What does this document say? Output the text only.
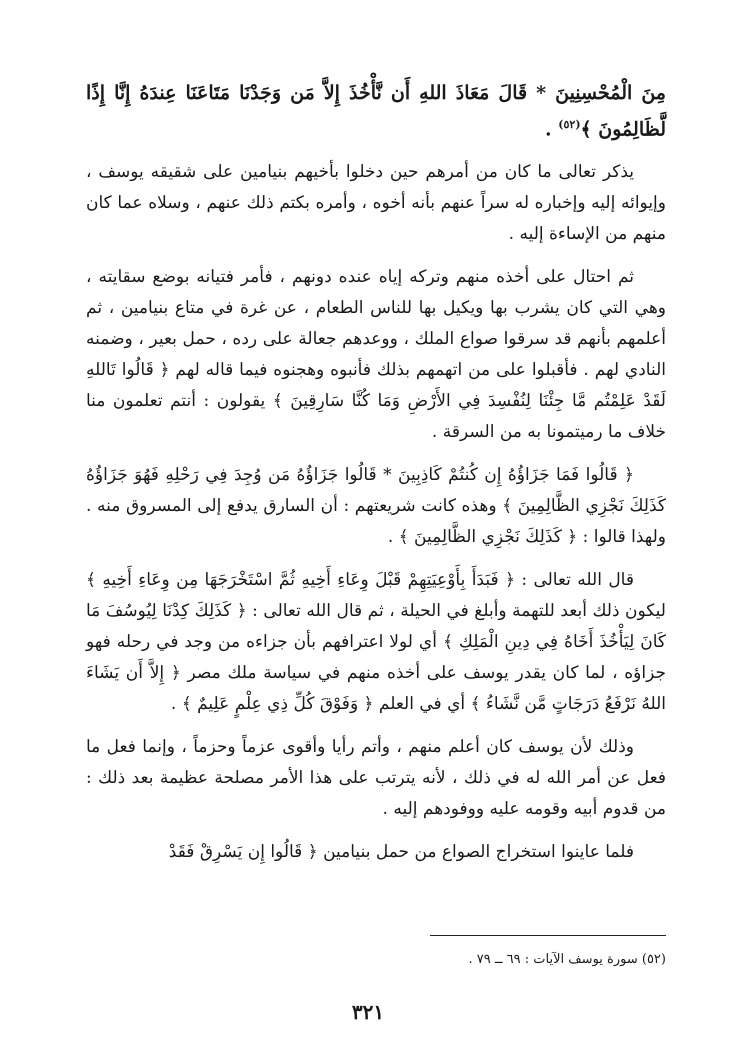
مِنَ الْمُحْسِنِينَ * قَالَ مَعَاذَ اللهِ أَن نَّأْخُذَ إِلاَّ مَن وَجَدْنَا مَتَاعَنَا عِندَهُ إِنَّا إِذًا لَّظَالِمُونَ ﴾$^{(٥٢)}$ .

يذكر تعالى ما كان من أمرهم حين دخلوا بأخيهم بنيامين على شقيقه يوسف ، وإيوائه إليه وإخباره له سراً عنهم بأنه أخوه ، وأمره بكتم ذلك عنهم ، وسلاه عما كان منهم من الإساءة إليه .

ثم احتال على أخذه منهم وتركه إياه عنده دونهم ، فأمر فتيانه بوضع سقايته ، وهي التي كان يشرب بها ويكيل بها للناس الطعام ، عن غرة في متاع بنيامين ، ثم أعلمهم بأنهم قد سرقوا صواع الملك ، ووعدهم جعالة على رده ، حمل بعير ، وضمنه النادي لهم . فأقبلوا على من اتهمهم بذلك فأنبوه وهجنوه فيما قاله لهم ﴿ قَالُوا تَاللهِ لَقَدْ عَلِمْتُم مَّا جِئْنَا لِنُفْسِدَ فِي الأَرْضِ وَمَا كُنَّا سَارِقِينَ ﴾ يقولون : أنتم تعلمون منا خلاف ما رميتمونا به من السرقة .

﴿ قَالُوا فَمَا جَزَاؤُهُ إِن كُنتُمْ كَاذِبِينَ * قَالُوا جَزَاؤُهُ مَن وُجِدَ فِي رَحْلِهِ فَهُوَ جَزَاؤُهُ كَذَلِكَ نَجْزِي الظَّالِمِينَ ﴾ وهذه كانت شريعتهم : أن السارق يدفع إلى المسروق منه . ولهذا قالوا : ﴿ كَذَلِكَ نَجْزِي الظَّالِمِينَ ﴾ .

قال الله تعالى : ﴿ فَبَدَأَ بِأَوْعِيَتِهِمْ قَبْلَ وِعَاءِ أَخِيهِ ثُمَّ اسْتَخْرَجَهَا مِن وِعَاءِ أَخِيهِ ﴾ ليكون ذلك أبعد للتهمة وأبلغ في الحيلة ، ثم قال الله تعالى : ﴿ كَذَلِكَ كِدْنَا لِيُوسُفَ مَا كَانَ لِيَأْخُذَ أَخَاهُ فِي دِينِ الْمَلِكِ ﴾ أي لولا اعترافهم بأن جزاءه من وجد في رحله فهو جزاؤه ، لما كان يقدر يوسف على أخذه منهم في سياسة ملك مصر ﴿ إِلاَّ أَن يَشَاءَ اللهُ نَرْفَعُ دَرَجَاتٍ مَّن نَّشَاءُ ﴾ أي في العلم ﴿ وَفَوْقَ كُلِّ ذِي عِلْمٍ عَلِيمٌ ﴾ .

وذلك لأن يوسف كان أعلم منهم ، وأتم رأيا وأقوى عزماً وحزماً ، وإنما فعل ما فعل عن أمر الله له في ذلك ، لأنه يترتب على هذا الأمر مصلحة عظيمة بعد ذلك : من قدوم أبيه وقومه عليه ووفودهم إليه .

فلما عاينوا استخراج الصواع من حمل بنيامين ﴿ قَالُوا إِن يَسْرِقْ فَقَدْ

(٥٢) سورة يوسف الآيات : ٦٩ ــ ٧٩ .
٣٢١
